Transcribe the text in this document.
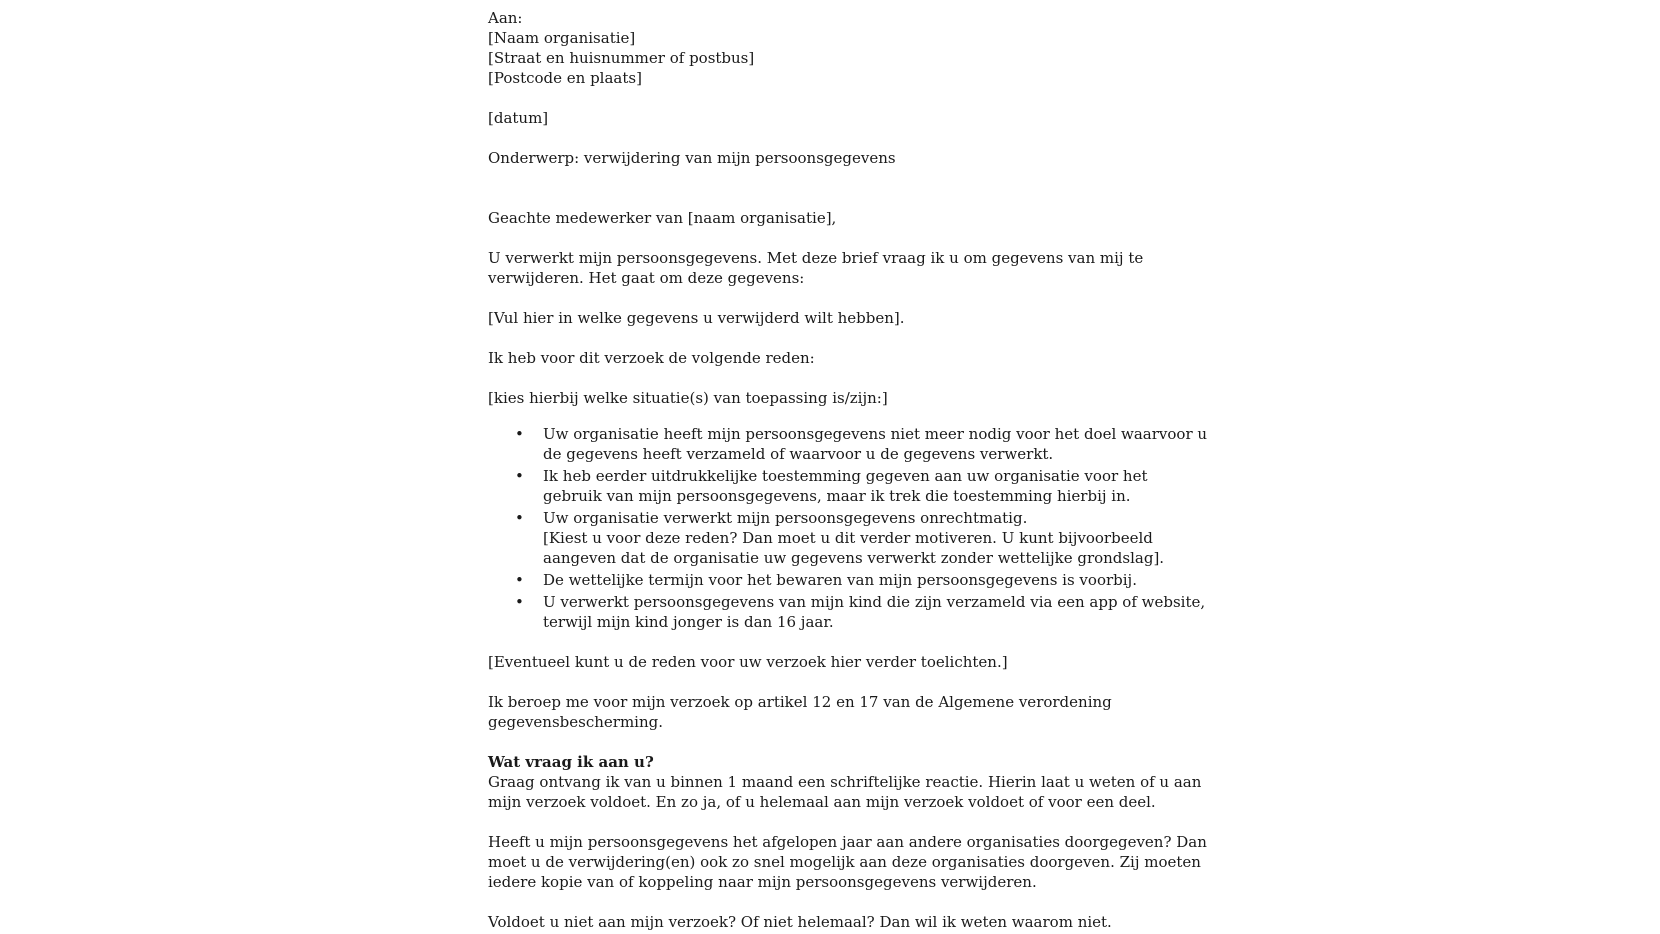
Aan:
[Naam organisatie]
[Straat en huisnummer of postbus]
[Postcode en plaats]
[datum]
Onderwerp: verwijdering van mijn persoonsgegevens
Geachte medewerker van [naam organisatie],
U verwerkt mijn persoonsgegevens. Met deze brief vraag ik u om gegevens van mij te verwijderen. Het gaat om deze gegevens:
[Vul hier in welke gegevens u verwijderd wilt hebben].
Ik heb voor dit verzoek de volgende reden:
[kies hierbij welke situatie(s) van toepassing is/zijn:]
• Uw organisatie heeft mijn persoonsgegevens niet meer nodig voor het doel waarvoor u de gegevens heeft verzameld of waarvoor u de gegevens verwerkt.
• Ik heb eerder uitdrukkelijke toestemming gegeven aan uw organisatie voor het gebruik van mijn persoonsgegevens, maar ik trek die toestemming hierbij in.
• Uw organisatie verwerkt mijn persoonsgegevens onrechtmatig.
[Kiest u voor deze reden? Dan moet u dit verder motiveren. U kunt bijvoorbeeld aangeven dat de organisatie uw gegevens verwerkt zonder wettelijke grondslag].
• De wettelijke termijn voor het bewaren van mijn persoonsgegevens is voorbij.
• U verwerkt persoonsgegevens van mijn kind die zijn verzameld via een app of website, terwijl mijn kind jonger is dan 16 jaar.
[Eventueel kunt u de reden voor uw verzoek hier verder toelichten.]
Ik beroep me voor mijn verzoek op artikel 12 en 17 van de Algemene verordening gegevensbescherming.
Wat vraag ik aan u?
Graag ontvang ik van u binnen 1 maand een schriftelijke reactie. Hierin laat u weten of u aan mijn verzoek voldoet. En zo ja, of u helemaal aan mijn verzoek voldoet of voor een deel.
Heeft u mijn persoonsgegevens het afgelopen jaar aan andere organisaties doorgegeven? Dan moet u de verwijdering(en) ook zo snel mogelijk aan deze organisaties doorgeven. Zij moeten iedere kopie van of koppeling naar mijn persoonsgegevens verwijderen.
Voldoet u niet aan mijn verzoek? Of niet helemaal? Dan wil ik weten waarom niet.
